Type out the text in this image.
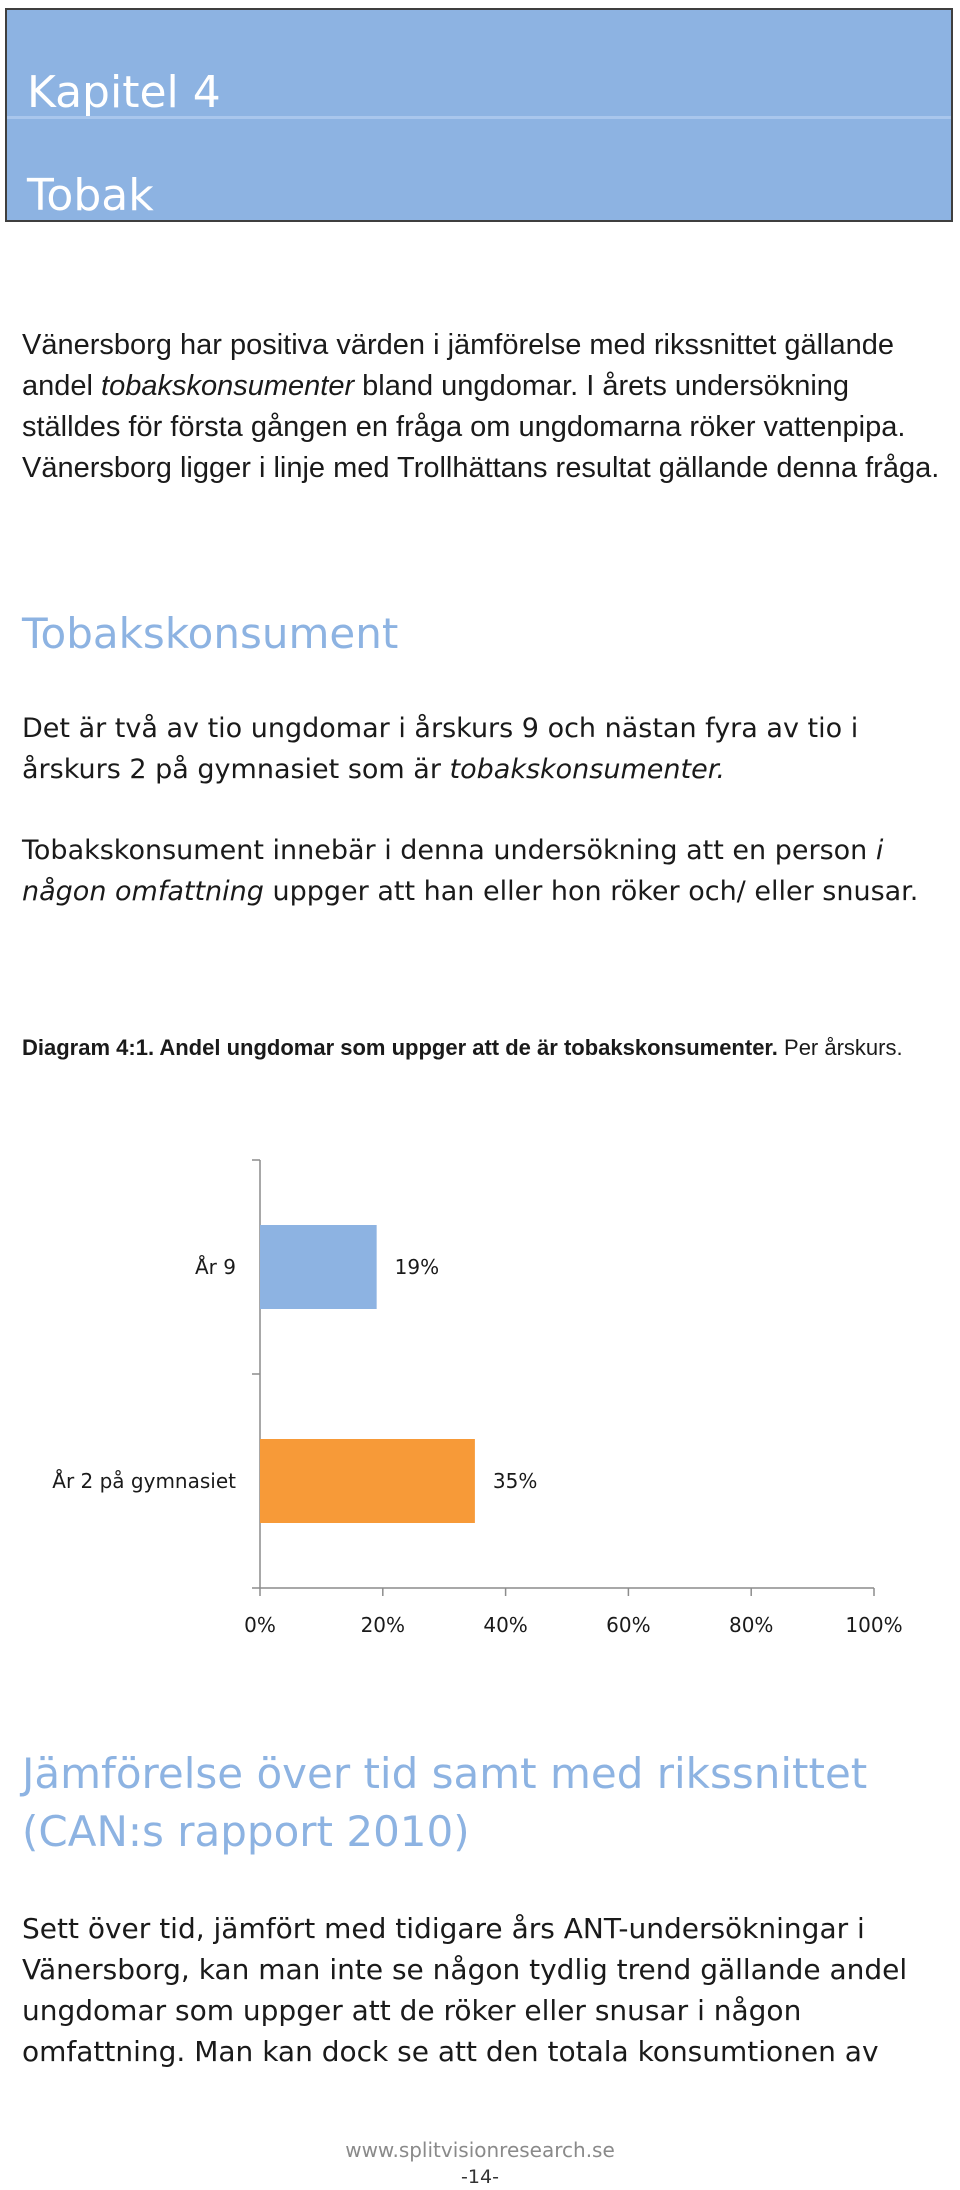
Kapitel 4
Tobak
Vänersborg har positiva värden i jämförelse med rikssnittet gällande andel tobakskonsumenter bland ungdomar. I årets undersökning ställdes för första gången en fråga om ungdomarna röker vattenpipa. Vänersborg ligger i linje med Trollhättans resultat gällande denna fråga.
Tobakskonsument
Det är två av tio ungdomar i årskurs 9 och nästan fyra av tio i årskurs 2 på gymnasiet som är tobakskonsumenter.
Tobakskonsument innebär i denna undersökning att en person i någon omfattning uppger att han eller hon röker och/ eller snusar.
Diagram 4:1. Andel ungdomar som uppger att de är tobakskonsumenter. Per årskurs.
0%	20%	40%	60%	80%	100%
År 9	19%
År 2 på gymnasiet	35%
Jämförelse över tid samt med rikssnittet (CAN:s rapport 2010)
Sett över tid, jämfört med tidigare års ANT-undersökningar i Vänersborg, kan man inte se någon tydlig trend gällande andel ungdomar som uppger att de röker eller snusar i någon omfattning. Man kan dock se att den totala konsumtionen av
www.splitvisionresearch.se
-14-
